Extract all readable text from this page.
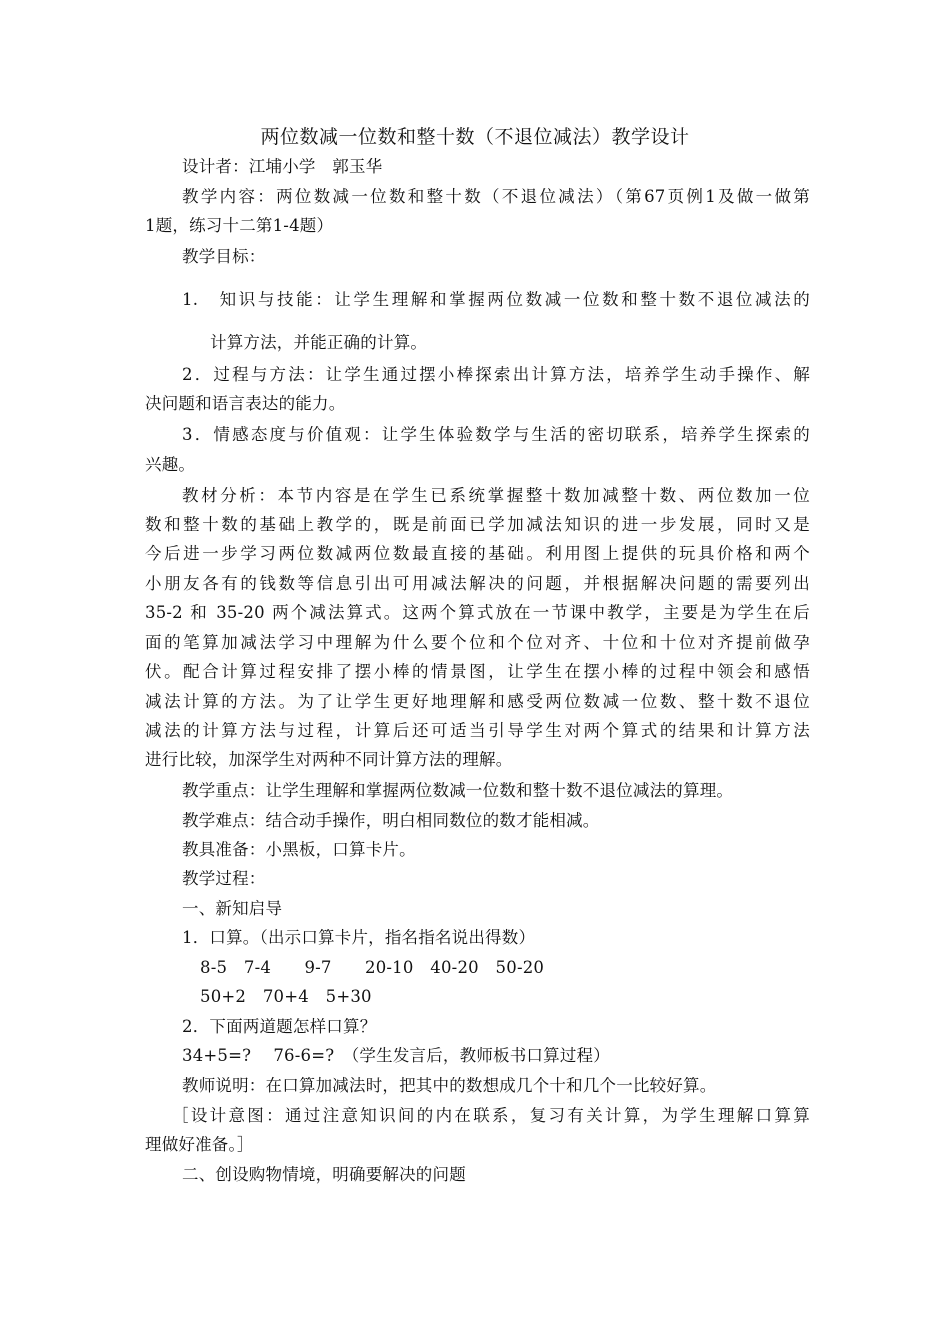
两位数减一位数和整十数（不退位减法）教学设计
设计者：江埔小学　郭玉华
教学内容：两位数减一位数和整十数（不退位减法）（第67页例1及做一做第
1题，练习十二第1-4题）
教学目标：
1.　知识与技能：让学生理解和掌握两位数减一位数和整十数不退位减法的
计算方法，并能正确的计算。
2．过程与方法：让学生通过摆小棒探索出计算方法，培养学生动手操作、解
决问题和语言表达的能力。
3．情感态度与价值观：让学生体验数学与生活的密切联系，培养学生探索的
兴趣。
教材分析：本节内容是在学生已系统掌握整十数加减整十数、两位数加一位
数和整十数的基础上教学的，既是前面已学加减法知识的进一步发展，同时又是
今后进一步学习两位数减两位数最直接的基础。利用图上提供的玩具价格和两个
小朋友各有的钱数等信息引出可用减法解决的问题，并根据解决问题的需要列出
35-2 和 35-20 两个减法算式。这两个算式放在一节课中教学，主要是为学生在后
面的笔算加减法学习中理解为什么要个位和个位对齐、十位和十位对齐提前做孕
伏。配合计算过程安排了摆小棒的情景图，让学生在摆小棒的过程中领会和感悟
减法计算的方法。为了让学生更好地理解和感受两位数减一位数、整十数不退位
减法的计算方法与过程，计算后还可适当引导学生对两个算式的结果和计算方法
进行比较，加深学生对两种不同计算方法的理解。
教学重点：让学生理解和掌握两位数减一位数和整十数不退位减法的算理。
教学难点：结合动手操作，明白相同数位的数才能相减。
教具准备：小黑板，口算卡片。
教学过程：
一、新知启导
1．口算。（出示口算卡片，指名指名说出得数）
8-5　7-4　　9-7　　20-10　40-20　50-20
50+2　70+4　5+30
2．下面两道题怎样口算？
34+5=?　 76-6=?　（学生发言后，教师板书口算过程）
教师说明：在口算加减法时，把其中的数想成几个十和几个一比较好算。
［设计意图：通过注意知识间的内在联系，复习有关计算，为学生理解口算算
理做好准备。］
二、创设购物情境，明确要解决的问题
